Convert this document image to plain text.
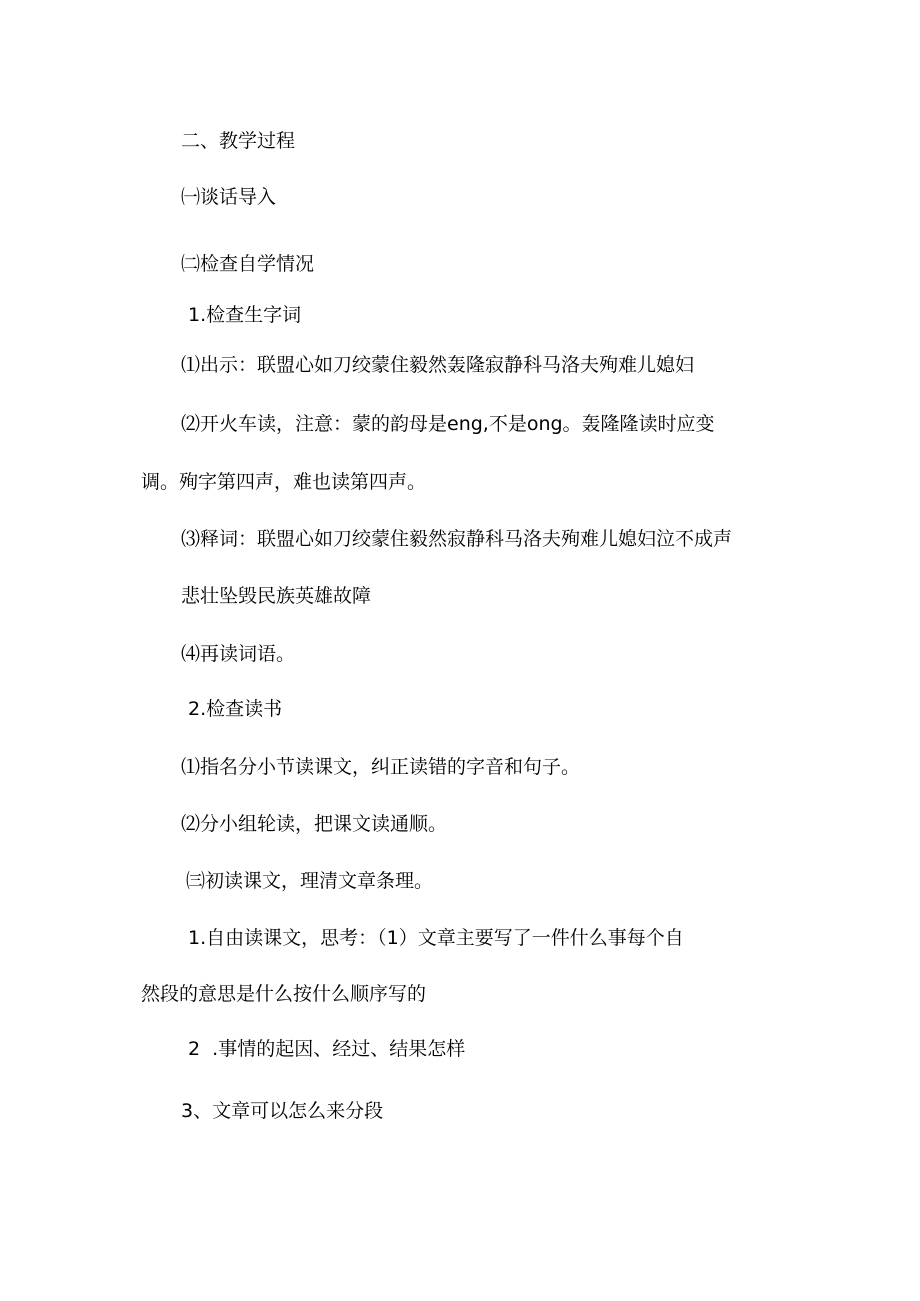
二、教学过程
㈠谈话导入
㈡检查自学情况
1.检查生字词
⑴出示：联盟心如刀绞蒙住毅然轰隆寂静科马洛夫殉难儿媳妇
⑵开火车读，注意：蒙的韵母是eng,不是ong。轰隆隆读时应变
调。殉字第四声，难也读第四声。
⑶释词：联盟心如刀绞蒙住毅然寂静科马洛夫殉难儿媳妇泣不成声
悲壮坠毁民族英雄故障
⑷再读词语。
2.检查读书
⑴指名分小节读课文，纠正读错的字音和句子。
⑵分小组轮读，把课文读通顺。
㈢初读课文，理清文章条理。
1.自由读课文，思考：（1）文章主要写了一件什么事每个自
然段的意思是什么按什么顺序写的
2  .事情的起因、经过、结果怎样
3、文章可以怎么来分段
